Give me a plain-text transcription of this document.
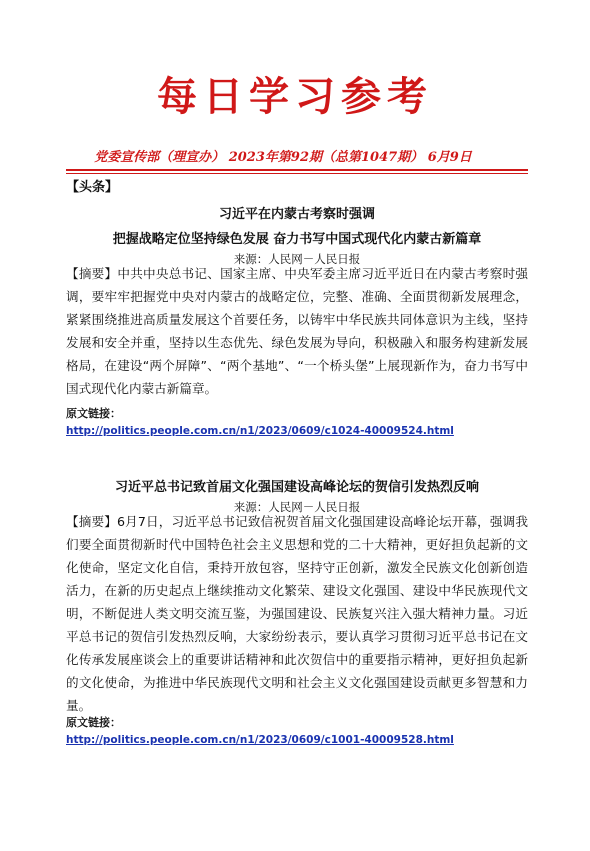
每日学习参考
党委宣传部（理宣办） 2023年第92期（总第1047期） 6月9日
【头条】
习近平在内蒙古考察时强调
把握战略定位坚持绿色发展 奋力书写中国式现代化内蒙古新篇章
来源：人民网－人民日报
【摘要】中共中央总书记、国家主席、中央军委主席习近平近日在内蒙古考察时强调，要牢牢把握党中央对内蒙古的战略定位，完整、准确、全面贯彻新发展理念，紧紧围绕推进高质量发展这个首要任务，以铸牢中华民族共同体意识为主线，坚持发展和安全并重，坚持以生态优先、绿色发展为导向，积极融入和服务构建新发展格局，在建设“两个屏障”、“两个基地”、“一个桥头堡”上展现新作为，奋力书写中国式现代化内蒙古新篇章。
原文链接：
http://politics.people.com.cn/n1/2023/0609/c1024-40009524.html
习近平总书记致首届文化强国建设高峰论坛的贺信引发热烈反响
来源：人民网－人民日报
【摘要】6月7日，习近平总书记致信祝贺首届文化强国建设高峰论坛开幕，强调我们要全面贯彻新时代中国特色社会主义思想和党的二十大精神，更好担负起新的文化使命，坚定文化自信，秉持开放包容，坚持守正创新，激发全民族文化创新创造活力，在新的历史起点上继续推动文化繁荣、建设文化强国、建设中华民族现代文明，不断促进人类文明交流互鉴，为强国建设、民族复兴注入强大精神力量。习近平总书记的贺信引发热烈反响，大家纷纷表示，要认真学习贯彻习近平总书记在文化传承发展座谈会上的重要讲话精神和此次贺信中的重要指示精神，更好担负起新的文化使命，为推进中华民族现代文明和社会主义文化强国建设贡献更多智慧和力量。
原文链接：
http://politics.people.com.cn/n1/2023/0609/c1001-40009528.html
